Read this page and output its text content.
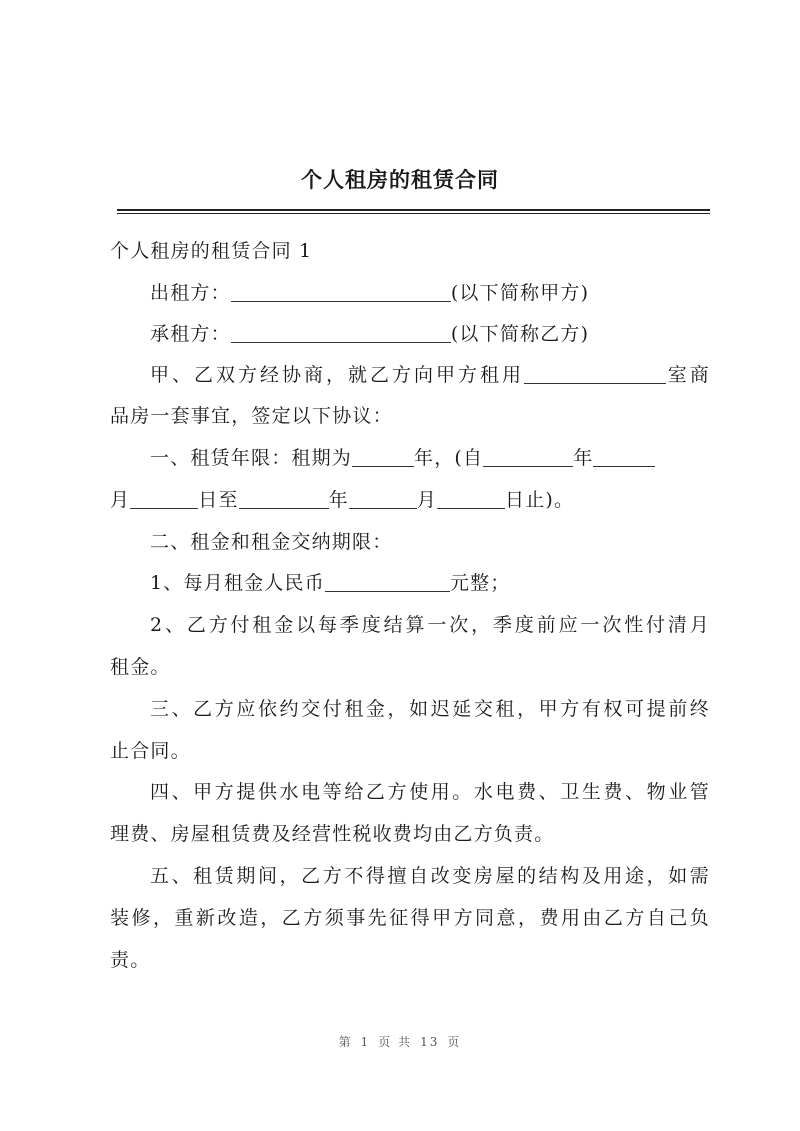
个人租房的租赁合同
个人租房的租赁合同 1
出租方：	(以下简称甲方)
承租方：	(以下简称乙方)
甲、乙双方经协商，就乙方向甲方租用	室商
品房一套事宜，签定以下协议：
一、租赁年限：租期为	年，(自	年
月	日至	年	月	日止)。
二、租金和租金交纳期限：
1、每月租金人民币	元整；
2、乙方付租金以每季度结算一次，季度前应一次性付清月
租金。
三、乙方应依约交付租金，如迟延交租，甲方有权可提前终
止合同。
四、甲方提供水电等给乙方使用。水电费、卫生费、物业管
理费、房屋租赁费及经营性税收费均由乙方负责。
五、租赁期间，乙方不得擅自改变房屋的结构及用途，如需
装修，重新改造，乙方须事先征得甲方同意，费用由乙方自己负
责。
第 1 页 共 13 页
